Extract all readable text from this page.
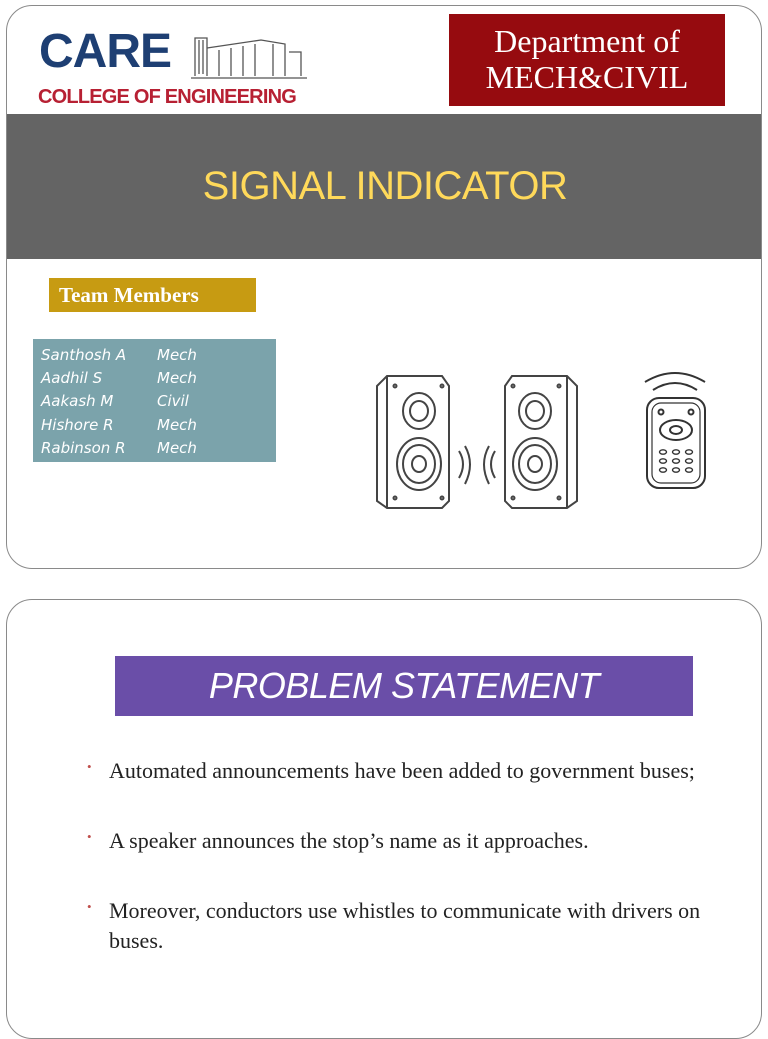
CARE
COLLEGE OF ENGINEERING
Department of
MECH&CIVIL
SIGNAL INDICATOR
Team Members
Santhosh A	Mech
Aadhil S	Mech
Aakash M	Civil
Hishore R	Mech
Rabinson R	Mech
PROBLEM STATEMENT
• Automated announcements have been added to government buses;
• A speaker announces the stop’s name as it approaches.
• Moreover, conductors use whistles to communicate with drivers on buses.
